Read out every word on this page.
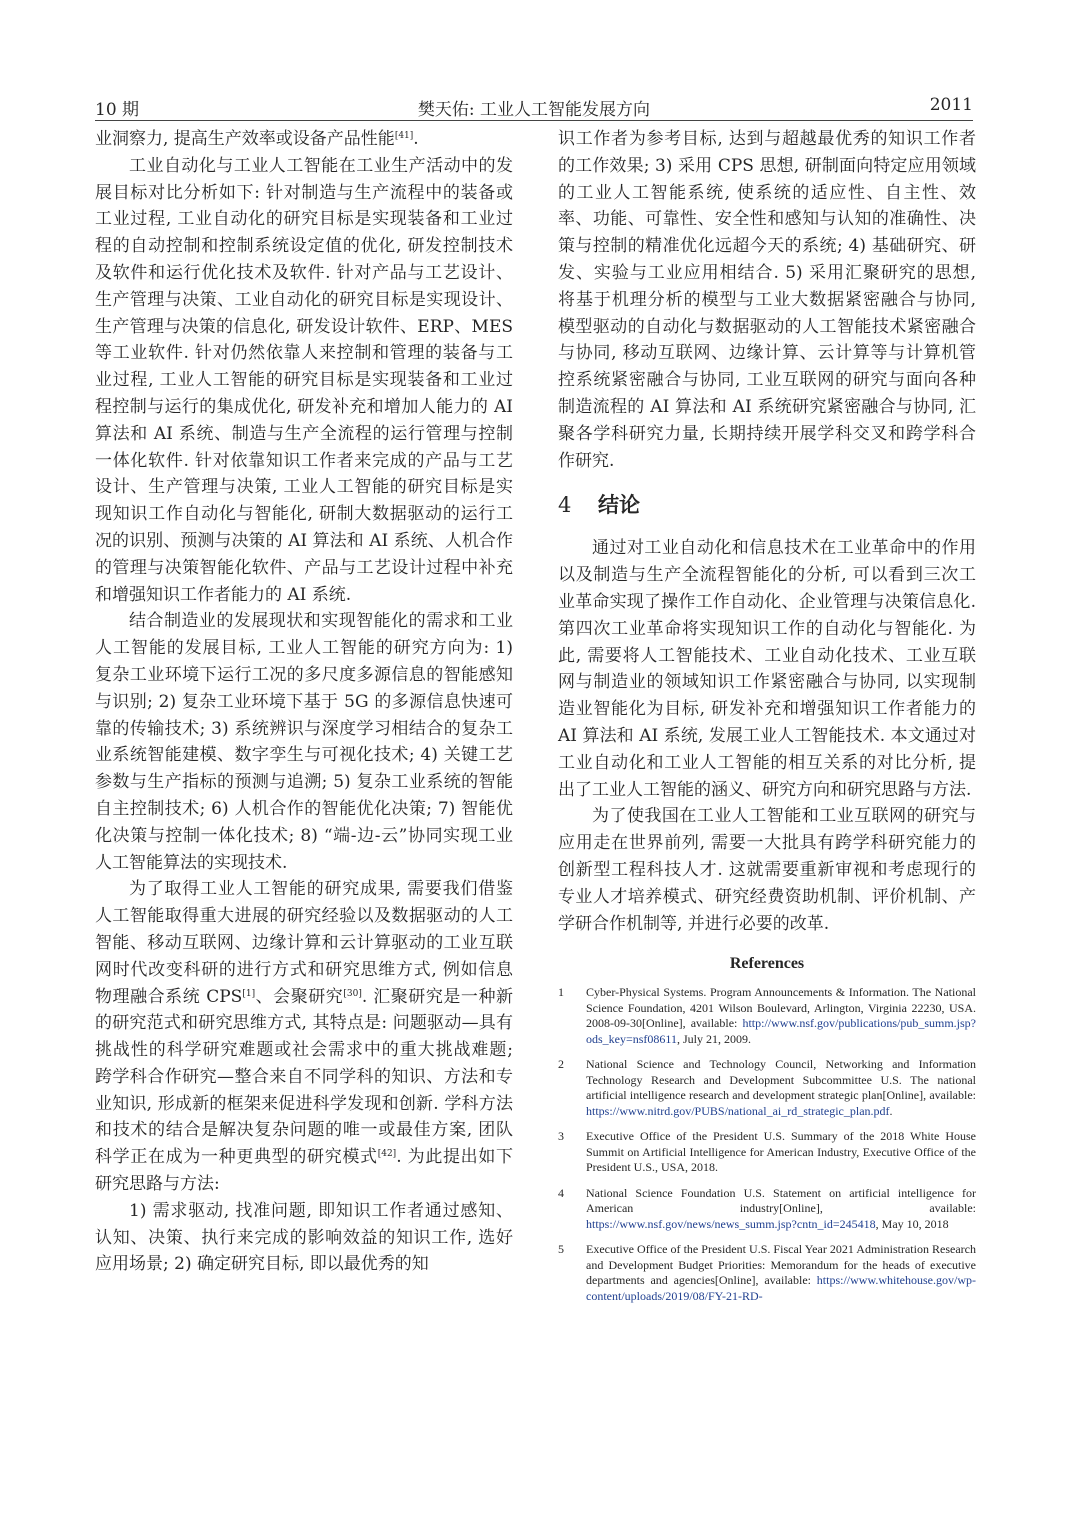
10 期	樊天佑: 工业人工智能发展方向	2011

业洞察力, 提高生产效率或设备产品性能[41].

工业自动化与工业人工智能在工业生产活动中的发展目标对比分析如下: 针对制造与生产流程中的装备或工业过程, 工业自动化的研究目标是实现装备和工业过程的自动控制和控制系统设定值的优化, 研发控制技术及软件和运行优化技术及软件. 针对产品与工艺设计、生产管理与决策、工业自动化的研究目标是实现设计、生产管理与决策的信息化, 研发设计软件、ERP、MES 等工业软件. 针对仍然依靠人来控制和管理的装备与工业过程, 工业人工智能的研究目标是实现装备和工业过程控制与运行的集成优化, 研发补充和增加人能力的 AI 算法和 AI 系统、制造与生产全流程的运行管理与控制一体化软件. 针对依靠知识工作者来完成的产品与工艺设计、生产管理与决策, 工业人工智能的研究目标是实现知识工作自动化与智能化, 研制大数据驱动的运行工况的识别、预测与决策的 AI 算法和 AI 系统、人机合作的管理与决策智能化软件、产品与工艺设计过程中补充和增强知识工作者能力的 AI 系统.

结合制造业的发展现状和实现智能化的需求和工业人工智能的发展目标, 工业人工智能的研究方向为: 1) 复杂工业环境下运行工况的多尺度多源信息的智能感知与识别; 2) 复杂工业环境下基于 5G 的多源信息快速可靠的传输技术; 3) 系统辨识与深度学习相结合的复杂工业系统智能建模、数字孪生与可视化技术; 4) 关键工艺参数与生产指标的预测与追溯; 5) 复杂工业系统的智能自主控制技术; 6) 人机合作的智能优化决策; 7) 智能优化决策与控制一体化技术; 8) “端-边-云”协同实现工业人工智能算法的实现技术.

为了取得工业人工智能的研究成果, 需要我们借鉴人工智能取得重大进展的研究经验以及数据驱动的人工智能、移动互联网、边缘计算和云计算驱动的工业互联网时代改变科研的进行方式和研究思维方式, 例如信息物理融合系统 CPS[1]、会聚研究[30]. 汇聚研究是一种新的研究范式和研究思维方式, 其特点是: 问题驱动—具有挑战性的科学研究难题或社会需求中的重大挑战难题; 跨学科合作研究—整合来自不同学科的知识、方法和专业知识, 形成新的框架来促进科学发现和创新. 学科方法和技术的结合是解决复杂问题的唯一或最佳方案, 团队科学正在成为一种更典型的研究模式[42]. 为此提出如下研究思路与方法:

1) 需求驱动, 找准问题, 即知识工作者通过感知、认知、决策、执行来完成的影响效益的知识工作, 选好应用场景; 2) 确定研究目标, 即以最优秀的知

识工作者为参考目标, 达到与超越最优秀的知识工作者的工作效果; 3) 采用 CPS 思想, 研制面向特定应用领域的工业人工智能系统, 使系统的适应性、自主性、效率、功能、可靠性、安全性和感知与认知的准确性、决策与控制的精准优化远超今天的系统; 4) 基础研究、研发、实验与工业应用相结合. 5) 采用汇聚研究的思想, 将基于机理分析的模型与工业大数据紧密融合与协同, 模型驱动的自动化与数据驱动的人工智能技术紧密融合与协同, 移动互联网、边缘计算、云计算等与计算机管控系统紧密融合与协同, 工业互联网的研究与面向各种制造流程的 AI 算法和 AI 系统研究紧密融合与协同, 汇聚各学科研究力量, 长期持续开展学科交叉和跨学科合作研究.

4 结论

通过对工业自动化和信息技术在工业革命中的作用以及制造与生产全流程智能化的分析, 可以看到三次工业革命实现了操作工作自动化、企业管理与决策信息化. 第四次工业革命将实现知识工作的自动化与智能化. 为此, 需要将人工智能技术、工业自动化技术、工业互联网与制造业的领域知识工作紧密融合与协同, 以实现制造业智能化为目标, 研发补充和增强知识工作者能力的 AI 算法和 AI 系统, 发展工业人工智能技术. 本文通过对工业自动化和工业人工智能的相互关系的对比分析, 提出了工业人工智能的涵义、研究方向和研究思路与方法.

为了使我国在工业人工智能和工业互联网的研究与应用走在世界前列, 需要一大批具有跨学科研究能力的创新型工程科技人才. 这就需要重新审视和考虑现行的专业人才培养模式、研究经费资助机制、评价机制、产学研合作机制等, 并进行必要的改革.

References
1 Cyber-Physical Systems. Program Announcements & Information. The National Science Foundation, 4201 Wilson Boulevard, Arlington, Virginia 22230, USA. 2008-09-30[Online], available: http://www.nsf.gov/publications/pub_summ.jsp?ods_key=nsf08611, July 21, 2009.
2 National Science and Technology Council, Networking and Information Technology Research and Development Subcommittee U.S. The national artificial intelligence research and development strategic plan[Online], available: https://www.nitrd.gov/PUBS/national_ai_rd_strategic_plan.pdf.
3 Executive Office of the President U.S. Summary of the 2018 White House Summit on Artificial Intelligence for American Industry, Executive Office of the President U.S., USA, 2018.
4 National Science Foundation U.S. Statement on artificial intelligence for American industry[Online], available: https://www.nsf.gov/news/news_summ.jsp?cntn_id=245418, May 10, 2018
5 Executive Office of the President U.S. Fiscal Year 2021 Administration Research and Development Budget Priorities: Memorandum for the heads of executive departments and agencies[Online], available: https://www.whitehouse.gov/wp-content/uploads/2019/08/FY-21-RD-
